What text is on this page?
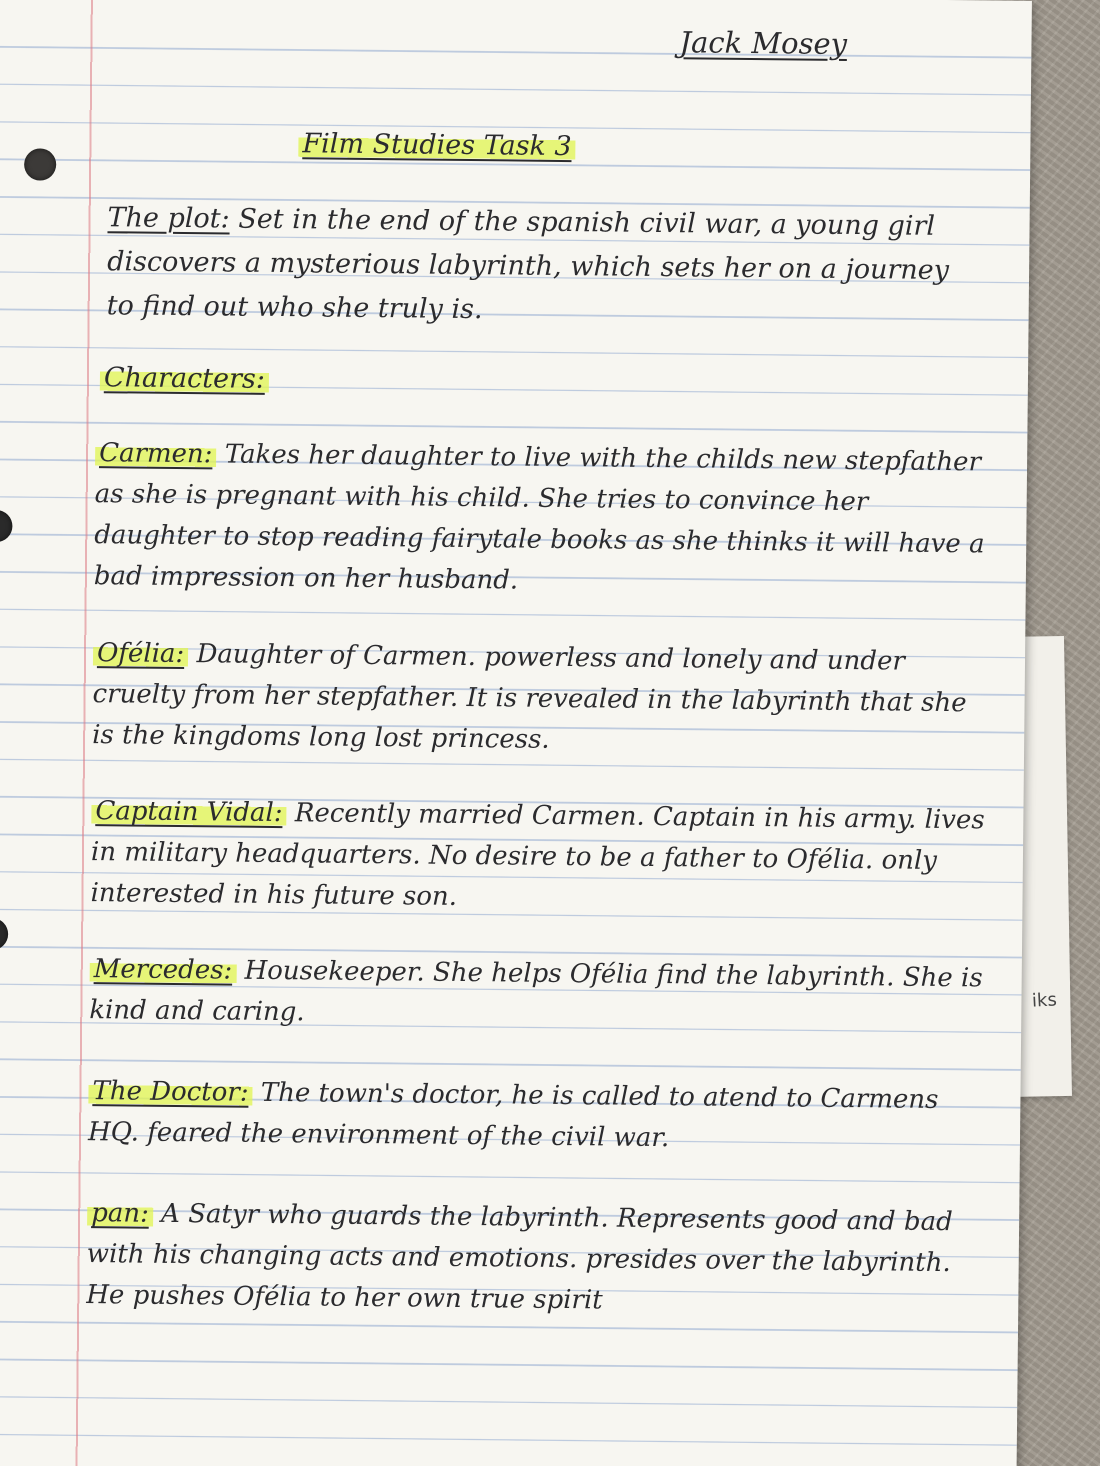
iks
Jack Mosey
Film Studies Task 3
The plot: Set in the end of the spanish civil war, a young girl discovers a mysterious labyrinth, which sets her on a journey to find out who she truly is.
Characters:
Carmen: Takes her daughter to live with the childs new stepfather as she is pregnant with his child. She tries to convince her daughter to stop reading fairytale books as she thinks it will have a bad impression on her husband.
Ofélia: Daughter of Carmen. powerless and lonely and under cruelty from her stepfather. It is revealed in the labyrinth that she is the kingdoms long lost princess.
Captain Vidal: Recently married Carmen. Captain in his army. lives in military headquarters. No desire to be a father to Ofélia. only interested in his future son.
Mercedes: Housekeeper. She helps Ofélia find the labyrinth. She is kind and caring.
The Doctor: The town's doctor, he is called to atend to Carmens HQ. feared the environment of the civil war.
pan: A Satyr who guards the labyrinth. Represents good and bad with his changing acts and emotions. presides over the labyrinth. He pushes Ofélia to her own true spirit
